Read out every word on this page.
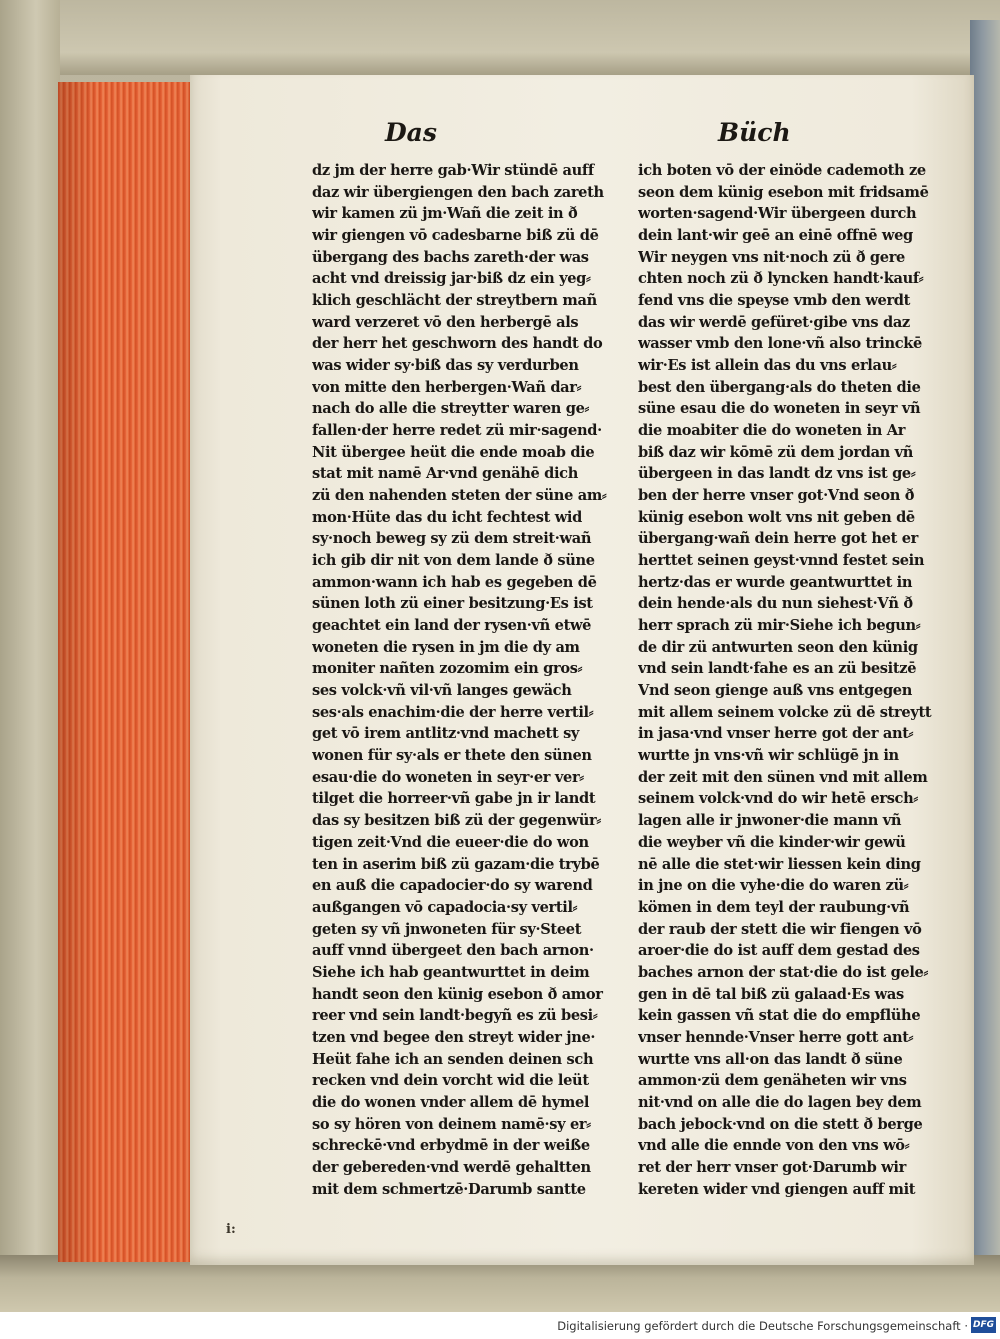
Das	Büch
dz jm der herre gab·Wir stündē auff
daz wir übergiengen den bach zareth
wir kamen zü jm·Wañ die zeit in ð
wir giengen vō cadesbarne biß zü dē
übergang des bachs zareth·der was
acht vnd dreissig jar·biß dz ein yeg⸗
klich geschlächt der streytbern mañ
ward verzeret vō den herbergē als
der herr het geschworn des handt do
was wider sy·biß das sy verdurben
von mitte den herbergen·Wañ dar⸗
nach do alle die streytter waren ge⸗
fallen·der herre redet zü mir·sagend·
Nit übergee heüt die ende moab die
stat mit namē Ar·vnd genähē dich
zü den nahenden steten der süne am⸗
mon·Hüte das du icht fechtest wid
sy·noch beweg sy zü dem streit·wañ
ich gib dir nit von dem lande ð süne
ammon·wann ich hab es gegeben dē
sünen loth zü einer besitzung·Es ist
geachtet ein land der rysen·vñ etwē
woneten die rysen in jm die dy am
moniter nañten zozomim ein gros⸗
ses volck·vñ vil·vñ langes gewäch
ses·als enachim·die der herre vertil⸗
get vō irem antlitz·vnd machett sy
wonen für sy·als er thete den sünen
esau·die do woneten in seyr·er ver⸗
tilget die horreer·vñ gabe jn ir landt
das sy besitzen biß zü der gegenwür⸗
tigen zeit·Vnd die eueer·die do won
ten in aserim biß zü gazam·die trybē
en auß die capadocier·do sy warend
außgangen vō capadocia·sy vertil⸗
geten sy vñ jnwoneten für sy·Steet
auff vnnd übergeet den bach arnon·
Siehe ich hab geantwurttet in deim
handt seon den künig esebon ð amor
reer vnd sein landt·begyñ es zü besi⸗
tzen vnd begee den streyt wider jne·
Heüt fahe ich an senden deinen sch
recken vnd dein vorcht wid die leüt
die do wonen vnder allem dē hymel
so sy hören von deinem namē·sy er⸗
schreckē·vnd erbydmē in der weiße
der gebereden·vnd werdē gehaltten
mit dem schmertzē·Darumb santte
ich boten vō der einöde cademoth ze
seon dem künig esebon mit fridsamē
worten·sagend·Wir übergeen durch
dein lant·wir geē an einē offnē weg
Wir neygen vns nit·noch zü ð gere
chten noch zü ð lyncken handt·kauf⸗
fend vns die speyse vmb den werdt
das wir werdē gefüret·gibe vns daz
wasser vmb den lone·vñ also trinckē
wir·Es ist allein das du vns erlau⸗
best den übergang·als do theten die
süne esau die do woneten in seyr vñ
die moabiter die do woneten in Ar
biß daz wir kōmē zü dem jordan vñ
übergeen in das landt dz vns ist ge⸗
ben der herre vnser got·Vnd seon ð
künig esebon wolt vns nit geben dē
übergang·wañ dein herre got het er
herttet seinen geyst·vnnd festet sein
hertz·das er wurde geantwurttet in
dein hende·als du nun siehest·Vñ ð
herr sprach zü mir·Siehe ich begun⸗
de dir zü antwurten seon den künig
vnd sein landt·fahe es an zü besitzē
Vnd seon gienge auß vns entgegen
mit allem seinem volcke zü dē streytt
in jasa·vnd vnser herre got der ant⸗
wurtte jn vns·vñ wir schlügē jn in
der zeit mit den sünen vnd mit allem
seinem volck·vnd do wir hetē ersch⸗
lagen alle ir jnwoner·die mann vñ
die weyber vñ die kinder·wir gewü
nē alle die stet·wir liessen kein ding
in jne on die vyhe·die do waren zü⸗
kömen in dem teyl der raubung·vñ
der raub der stett die wir fiengen vō
aroer·die do ist auff dem gestad des
baches arnon der stat·die do ist gele⸗
gen in dē tal biß zü galaad·Es was
kein gassen vñ stat die do empflühe
vnser hennde·Vnser herre gott ant⸗
wurtte vns all·on das landt ð süne
ammon·zü dem genäheten wir vns
nit·vnd on alle die do lagen bey dem
bach jebock·vnd on die stett ð berge
vnd alle die ennde von den vns wō⸗
ret der herr vnser got·Darumb wir
kereten wider vnd giengen auff mit
i:
Digitalisierung gefördert durch die Deutsche Forschungsgemeinschaft · DFG
